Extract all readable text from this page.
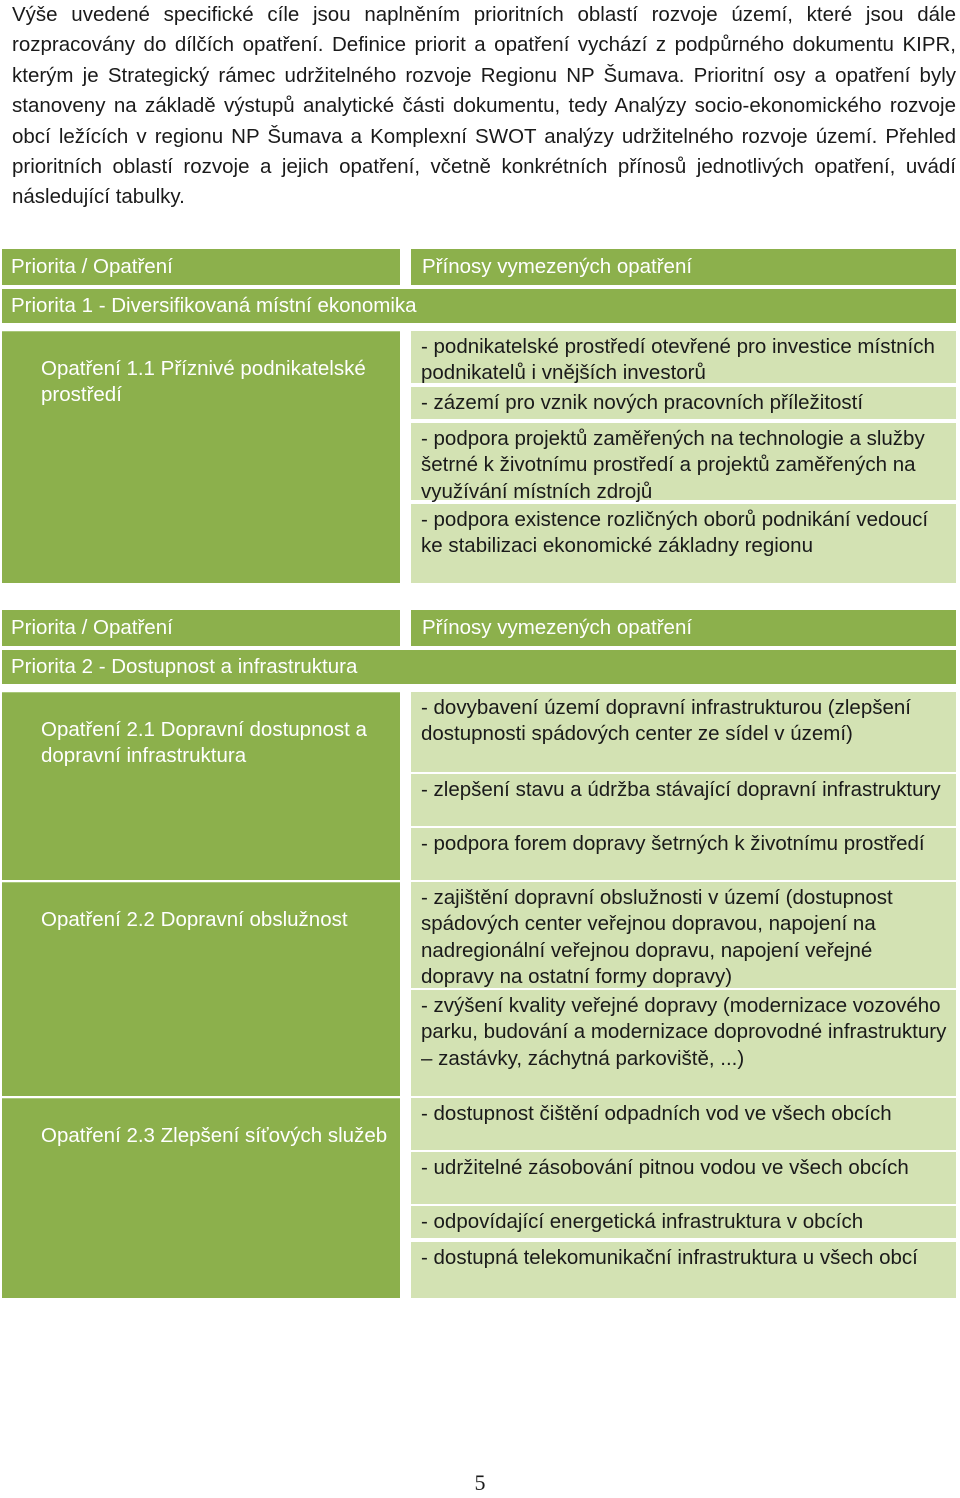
Výše uvedené specifické cíle jsou naplněním prioritních oblastí rozvoje území, které jsou dále rozpracovány do dílčích opatření. Definice priorit a opatření vychází z podpůrného dokumentu KIPR, kterým je Strategický rámec udržitelného rozvoje Regionu NP Šumava. Prioritní osy a opatření byly stanoveny na základě výstupů analytické části dokumentu, tedy Analýzy socio-ekonomického rozvoje obcí ležících v regionu NP Šumava a Komplexní SWOT analýzy udržitelného rozvoje území. Přehled prioritních oblastí rozvoje a jejich opatření, včetně konkrétních přínosů jednotlivých opatření, uvádí následující tabulky.

Priorita / Opatření	Přínosy vymezených opatření
Priorita 1 - Diversifikovaná místní ekonomika
Opatření 1.1 Příznivé podnikatelské prostředí
- podnikatelské prostředí otevřené pro investice místních podnikatelů i vnějších investorů
- zázemí pro vznik nových pracovních příležitostí
- podpora projektů zaměřených na technologie a služby šetrné k životnímu prostředí a projektů zaměřených na využívání místních zdrojů
- podpora existence rozličných oborů podnikání vedoucí ke stabilizaci ekonomické základny regionu
Priorita / Opatření	Přínosy vymezených opatření
Priorita 2 - Dostupnost a infrastruktura
Opatření 2.1 Dopravní dostupnost a dopravní infrastruktura
Opatření 2.2 Dopravní obslužnost
Opatření 2.3 Zlepšení síťových služeb
- dovybavení území dopravní infrastrukturou (zlepšení dostupnosti spádových center ze sídel v území)
- zlepšení stavu a údržba stávající dopravní infrastruktury
- podpora forem dopravy šetrných k životnímu prostředí
- zajištění dopravní obslužnosti v území (dostupnost spádových center veřejnou dopravou, napojení na nadregionální veřejnou dopravu, napojení veřejné dopravy na ostatní formy dopravy)
- zvýšení kvality veřejné dopravy (modernizace vozového parku, budování a modernizace doprovodné infrastruktury – zastávky, záchytná parkoviště, ...)
- dostupnost čištění odpadních vod ve všech obcích
- udržitelné zásobování pitnou vodou ve všech obcích
- odpovídající energetická infrastruktura v obcích
- dostupná telekomunikační infrastruktura u všech obcí
5
